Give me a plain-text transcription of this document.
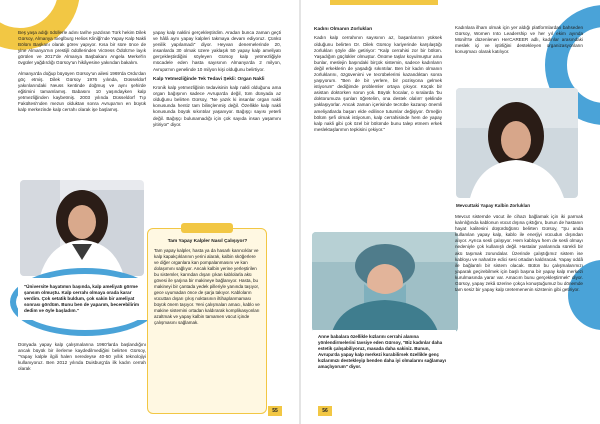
Beş yaşa adığı ödüllerle adını tarihe yazdıran Türk hekim Dilek Gürsoy, Almanya Sieglburg Helios Kliniği'nde Yapay Kalp Nakli Bölüm Başkanı olarak görev yapıyor. Kısa bir süre önce de yine Almanya'nın prestijli ödüllerinden Victress Ödülü'ne layık görülen ve 2017'de Almanya Başbakanı Angela Merkel'in övgüler yağdırdığı Gürsoy'un hikâyesine yakından bakalım.

Almanya'da doğup büyüyen Gürsoy'un ailesi 1969'da Ordu'dan göç etmiş. Dilek Gürsoy 1976 yılında, Düsseldorf yakınlarındaki Neuss kentinde doğmuş ve aynı şehirde eğitimini tamamlamış. Babasını 10 yaşındayken kalp yetmezliğinden kaybetmiş. 2003 yılında Düsseldorf Tıp Fakültesi'nden mezun olduktan sonra Avrupa'nın en büyük kalp merkezinde kalp cerrahı olarak işe başlamış.

"Üniversite hayatımın başında, kalp ameliyatı görme şansım olmuştu. Kalp cerrahı olmaya orada karar verdim. Çok setatik buldum, çok sakin bir ameliyat sonrası gördüm. Bunu ben de yaparım, becerebilirim dedim ve öyle başladım."

Dünyada yapay kalp çalışmalarına 1960'larda başlandığını ancak büyük bir ilerleme kaydedilmediğini belirten Gürsoy, "Yapay kalple ilgili halen neredeyse 40-50 yıllık teknolojiyi kullanıyoruz. Ben 2012 yılında Duisburg'da ilk kadın cerrah olarak

yapay kalp naklini gerçekleştirdim. Aradan bunca zaman geçti ve hâlâ aynı yapay kalpleri takmaya devam ediyoruz. Çünkü yenilik yapılamadı" diyor. Heyvan denemelerinde 20, insanlarda 30 olmak üzere yaklaşık 50 yapay kalp ameliyatı gerçekleştirdiğini söyleyen Gürsoy kalp yetmezliğiyle mücadele eden hasta sayısının Almanya'da 2 milyon, Avrupa'nın genelinde 10 milyon kişi olduğunu belirtiyor.

Kalp Yetmezliğinde Tek Tedavi Şekli: Organ Nakli

Kronik kalp yetmezliğinin tedavisinin kalp nakli olduğunu ama organ bağışının sadece Avrupa'da değil, tüm dünyada az olduğunu belirten Gürsoy, "Ne yazık ki insanlar organ nakli konusunda hentiz tam bilinçlenmiş değil. Özellikle kalp nakli konusunda büyük sıkıntılar yaşanıyor. Bağışçı sayısı yeterli değil. Bağışçı bulunamadığı için çok sayıda insan yaşamını yitiriyor" diyor.

Tam Yapay Kalpler Nasıl Çalışıyor?

Tam yapay kalpler, hasta ya da hasarlı karıncıklar ve kalp kapakçıklarının yerini alarak, kalbin sköğerlere ve diğer organlara kan pompalanmasını ve kan dolaşımını sağlıyor. Ancak kalbin yerine yerleştirilen bu sistemler, karından dışarı çıkan kablolarla akü gövesi ile şarjına bir makineye bağlanıyor. Hasta, bu makineyi bir çantada yedek pilleriyle yanında taşıyor, gece uyumadan önce de şarja takıyor. Kabloların vücuttan dışarı çıkış noktasının iltihaplanmaması büyük önem taşıyor. Yeni çalışmaları amacı, kablo ve makine sistemini ortadan kaldırarak komplikasyonları azaltmak ve yapay kalbin tamamen vücut içinde çalışmasını sağlamak.

55
Kadını Olmanın Zorlukları

Kadın kalp cerrahının sayısının az, başarılarının yüksek olduğunu belirten Dr. Dilek Gürsoy kariyerinde karşılaştığı zorlukları şöyle dile getiriyor: "Kalp cerrahisi zor bir bölüm. Yaşadığım güçlükler olmuştur. Önüme taşlar koyulmuştur ama bunlar, meslejin başındaki birçok sistemin, sadece kadınların değil erkeklerin de yaşadığı sıkıntılar. Ben bir kadın olmanın zorluklarını, özgüvenimi ve tecrübelerimi kazandıktan sonra yaşıyorum. "Ben de bir yerlere, bir pozisyona gelmek istiyorum" dediğimde problemler ortaya çıkıyor. Küçük bir asistan doktorken sorun yok. Büyük hocalar, o sıralarda 'bu doktorumuza şunları öğretelim, ona destek olalım' şeklinde yaklaşıyorlar. Ancak zaman içerisinde tecrübe kazanıp önemli ameliyatlarda başarı elde edilince tutumlar değişiyor. Örneğin bölüm şefi olmak istiyorum, kalp cerrahisinde hem de yapay kalp nakli gibi çok özel bir bölümde bunu talep etmem erkek meslektaşlarımın tepkisini çekiyor."

Anne babalara özellikle kızlarını cerrahi alanına yönlendirmelerini tavsiye eden Gürsoy, "Biz kadınlar daha estetik çalışabiliyoruz, masada daha sakiniz. Bunun, Avrupa'da yapay kalp merkezi kurabilirsek özellikle genç kızlarımızı destekleyip benden daha iyi olmalarını sağlamayı amaçlıyorum" diyor.

Kadınlara ilham olmak için yer aldığı platformlardan bahseden Gürsoy, Women Into Leadership ve her yıl ekim ayında Münih'te düzenlenen HerCAREER adlı, kadınlar arasındaki meslek içi ve iştirliğini destekleyen organizasyonların konuşmacı olarak katılıyor.

Mevcuttaki Yapay Kalbin Zorlukları

Mevcut sistemde vücut ile cihazı bağlamak için iki parmak kalınlığında kablonun vücut dışına çıktığını, bunun de hastanın hayat kalitesini düşürdüğünü belirten Gürsoy, "Şu anda kullanılan yapay kalp, kablo ile enerjiyi vücudun dışından alıyor. Ayrıca sesli çalışıyor. Hem kabloyu hem de sesli olmayı nedeniyle çok kullanışlı değil. Hastalar yanlarında sürekli bir akü taşımak zorundalar. Üzerinde çalıştığımız sistem ise kabloyu ve naharize edici sesi ortadan kaldıracak. Yapay oddâ ile bağlantılı bir sistem olacak. Bütün bu çalışmalarımızı yaparak geçirebilmek için başlı başına bir yapay kalp merkezi kurulmasında yarar var. Amacım bunu gerçekleştirmek" diyor. Gürsoy, yapay zekâ üzerine çokça konuştuğumuz bu dönemde tam sesiz bir yapay kalp üretemenenin sizstenin gibi getiriyor.

56
